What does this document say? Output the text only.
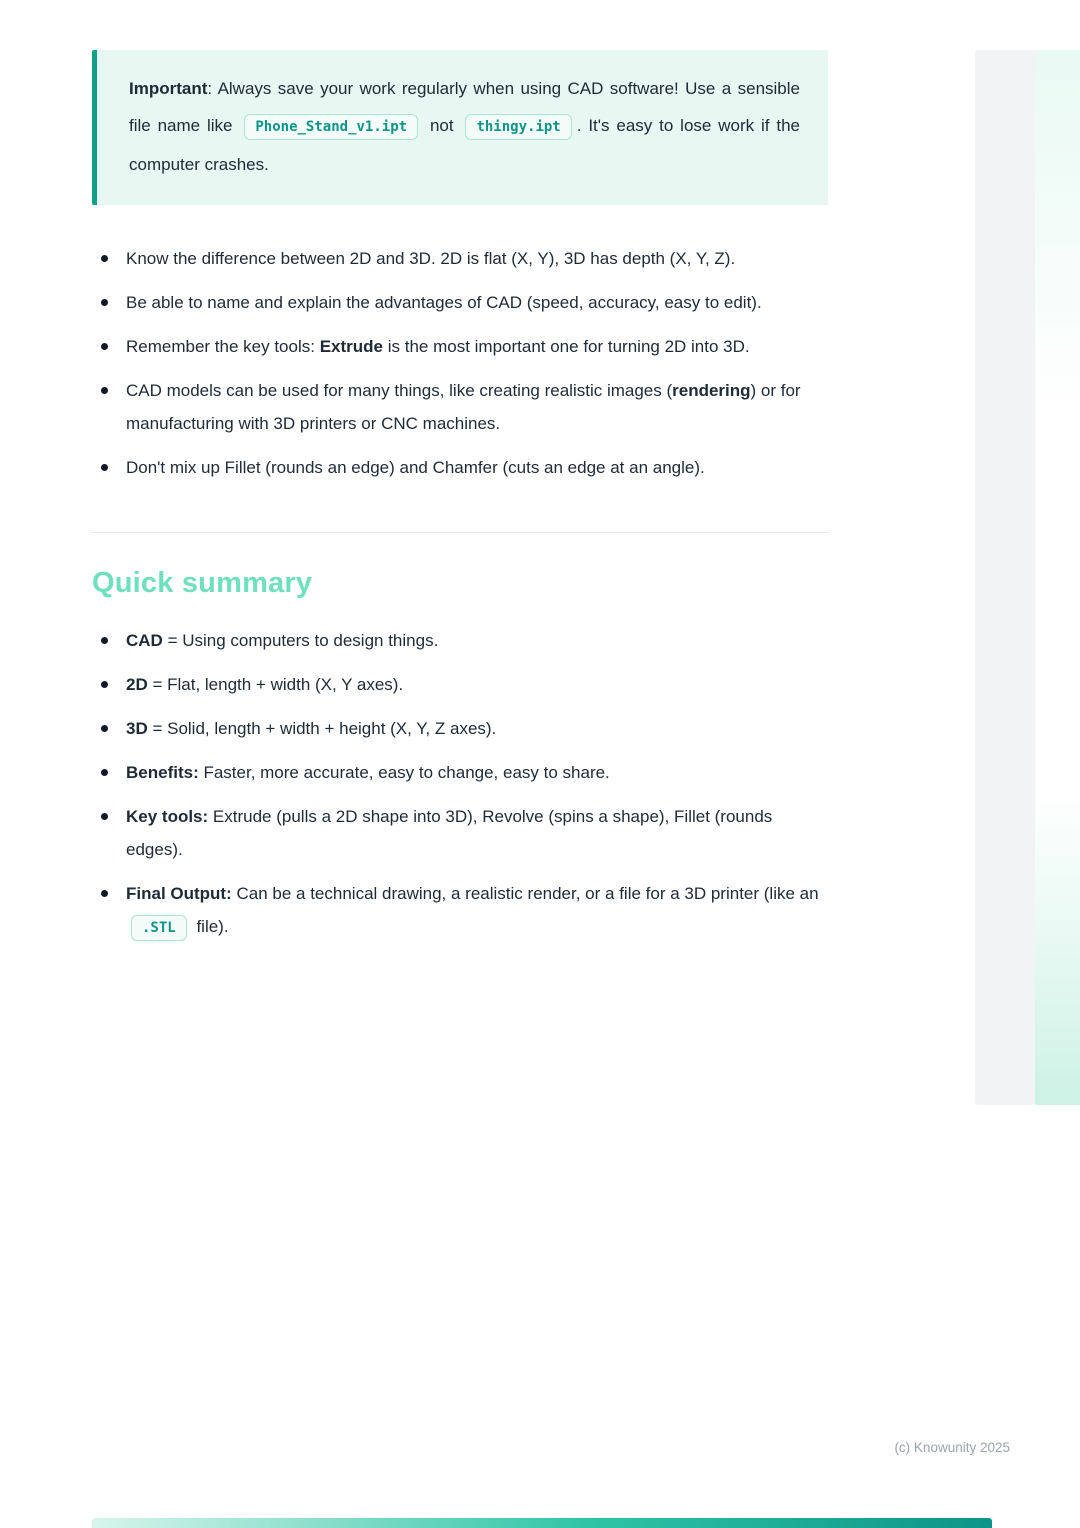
Important: Always save your work regularly when using CAD software! Use a sensible file name like Phone_Stand_v1.ipt not thingy.ipt . It's easy to lose work if the computer crashes.

Know the difference between 2D and 3D. 2D is flat (X, Y), 3D has depth (X, Y, Z).
Be able to name and explain the advantages of CAD (speed, accuracy, easy to edit).
Remember the key tools: Extrude is the most important one for turning 2D into 3D.
CAD models can be used for many things, like creating realistic images (rendering) or for manufacturing with 3D printers or CNC machines.
Don't mix up Fillet (rounds an edge) and Chamfer (cuts an edge at an angle).
Quick summary
CAD = Using computers to design things.
2D = Flat, length + width (X, Y axes).
3D = Solid, length + width + height (X, Y, Z axes).
Benefits: Faster, more accurate, easy to change, easy to share.
Key tools: Extrude (pulls a 2D shape into 3D), Revolve (spins a shape), Fillet (rounds edges).
Final Output: Can be a technical drawing, a realistic render, or a file for a 3D printer (like an .STL file).
(c) Knowunity 2025
